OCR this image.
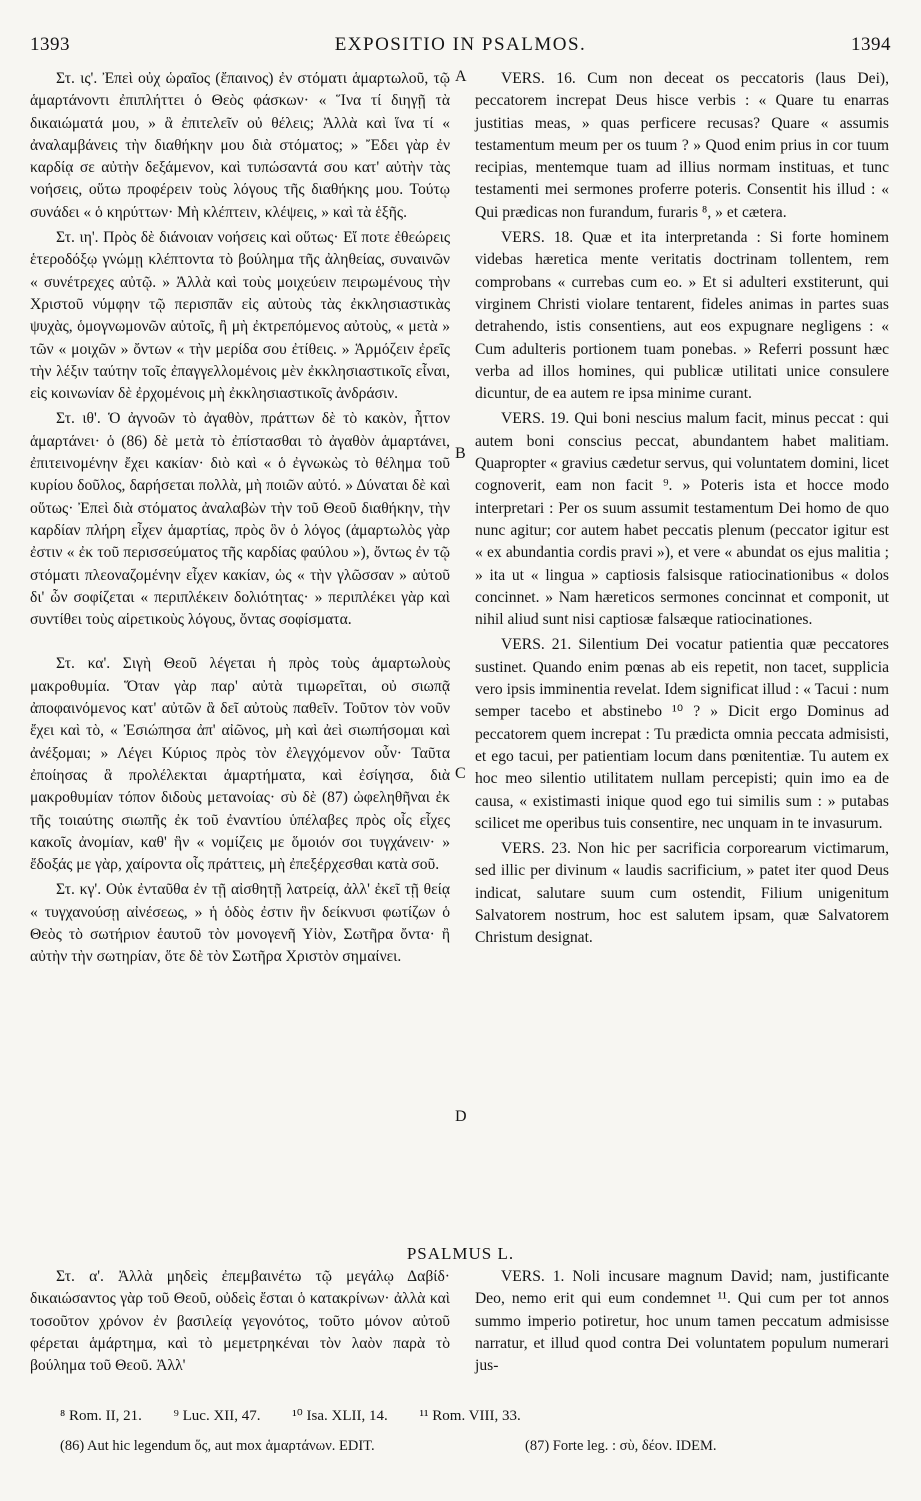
1393	EXPOSITIO IN PSALMOS.	1394

Στ. ις'. Ἐπεὶ οὐχ ὡραῖος (ἔπαινος) ἐν στόματι ἁμαρτωλοῦ, τῷ ἁμαρτάνοντι ἐπιπλήττει ὁ Θεὸς φάσκων· « Ἵνα τί διηγῇ τὰ δικαιώματά μου, » ἃ ἐπιτελεῖν οὐ θέλεις; Ἀλλὰ καὶ ἵνα τί « ἀναλαμβάνεις τὴν διαθήκην μου διὰ στόματος; » Ἔδει γὰρ ἐν καρδίᾳ σε αὐτὴν δεξάμενον, καὶ τυπώσαντά σου κατ' αὐτὴν τὰς νοήσεις, οὕτω προφέρειν τοὺς λόγους τῆς διαθήκης μου. Τούτῳ συνάδει « ὁ κηρύττων· Μὴ κλέπτειν, κλέψεις, » καὶ τὰ ἑξῆς.

Στ. ιη'. Πρὸς δὲ διάνοιαν νοήσεις καὶ οὕτως· Εἴ ποτε ἐθεώρεις ἑτεροδόξῳ γνώμῃ κλέπτοντα τὸ βούλημα τῆς ἀληθείας, συναινῶν « συνέτρεχες αὐτῷ. » Ἀλλὰ καὶ τοὺς μοιχεύειν πειρωμένους τὴν Χριστοῦ νύμφην τῷ περισπᾶν εἰς αὐτοὺς τὰς ἐκκλησιαστικὰς ψυχὰς, ὁμογνωμονῶν αὐτοῖς, ἢ μὴ ἐκτρεπόμενος αὐτοὺς, « μετὰ » τῶν « μοιχῶν » ὄντων « τὴν μερίδα σου ἐτίθεις. » Ἁρμόζειν ἐρεῖς τὴν λέξιν ταύτην τοῖς ἐπαγγελλομένοις μὲν ἐκκλησιαστικοῖς εἶναι, εἰς κοινωνίαν δὲ ἐρχομένοις μὴ ἐκκλησιαστικοῖς ἀνδράσιν.

Στ. ιθ'. Ὁ ἀγνοῶν τὸ ἀγαθὸν, πράττων δὲ τὸ κακὸν, ἧττον ἁμαρτάνει· ὁ (86) δὲ μετὰ τὸ ἐπίστασθαι τὸ ἀγαθὸν ἁμαρτάνει, ἐπιτεινομένην ἔχει κακίαν· διὸ καὶ « ὁ ἐγνωκὼς τὸ θέλημα τοῦ κυρίου δοῦλος, δαρήσεται πολλὰ, μὴ ποιῶν αὐτό. » Δύναται δὲ καὶ οὕτως· Ἐπεὶ διὰ στόματος ἀναλαβὼν τὴν τοῦ Θεοῦ διαθήκην, τὴν καρδίαν πλήρη εἶχεν ἁμαρτίας, πρὸς ὃν ὁ λόγος (ἁμαρτωλὸς γὰρ ἐστιν « ἐκ τοῦ περισσεύματος τῆς καρδίας φαύλου »), ὄντως ἐν τῷ στόματι πλεοναζομένην εἶχεν κακίαν, ὡς « τὴν γλῶσσαν » αὐτοῦ δι' ὧν σοφίζεται « περιπλέκειν δολιότητας· » περιπλέκει γὰρ καὶ συντίθει τοὺς αἱρετικοὺς λόγους, ὄντας σοφίσματα.

Στ. κα'. Σιγὴ Θεοῦ λέγεται ἡ πρὸς τοὺς ἁμαρτωλοὺς μακροθυμία. Ὅταν γὰρ παρ' αὐτὰ τιμωρεῖται, οὐ σιωπᾷ ἀποφαινόμενος κατ' αὐτῶν ἃ δεῖ αὐτοὺς παθεῖν. Τοῦτον τὸν νοῦν ἔχει καὶ τὸ, « Ἐσιώπησα ἀπ' αἰῶνος, μὴ καὶ ἀεὶ σιωπήσομαι καὶ ἀνέξομαι; » Λέγει Κύριος πρὸς τὸν ἐλεγχόμενον οὖν· Ταῦτα ἐποίησας ἃ προλέλεκται ἁμαρτήματα, καὶ ἐσίγησα, διὰ μακροθυμίαν τόπον διδοὺς μετανοίας· σὺ δὲ (87) ὠφεληθῆναι ἐκ τῆς τοιαύτης σιωπῆς ἐκ τοῦ ἐναντίου ὑπέλαβες πρὸς οἷς εἶχες κακοῖς ἀνομίαν, καθ' ἣν « νομίζεις με ὅμοιόν σοι τυγχάνειν· » ἔδοξάς με γὰρ, χαίροντα οἷς πράττεις, μὴ ἐπεξέρχεσθαι κατὰ σοῦ.

Στ. κγ'. Οὐκ ἐνταῦθα ἐν τῇ αἰσθητῇ λατρείᾳ, ἀλλ' ἐκεῖ τῇ θείᾳ « τυγχανούσῃ αἰνέσεως, » ἡ ὁδὸς ἐστιν ἣν δείκνυσι φωτίζων ὁ Θεὸς τὸ σωτήριον ἑαυτοῦ τὸν μονογενῆ Υἱὸν, Σωτῆρα ὄντα· ἢ αὐτὴν τὴν σωτηρίαν, ὅτε δὲ τὸν Σωτῆρα Χριστὸν σημαίνει.

A
B
C
D

VERS. 16. Cum non deceat os peccatoris (laus Dei), peccatorem increpat Deus hisce verbis : « Quare tu enarras justitias meas, » quas perficere recusas? Quare « assumis testamentum meum per os tuum ? » Quod enim prius in cor tuum recipias, mentemque tuam ad illius normam instituas, et tunc testamenti mei sermones proferre poteris. Consentit his illud : « Qui prædicas non furandum, furaris ⁸, » et cætera.

VERS. 18. Quæ et ita interpretanda : Si forte hominem videbas hæretica mente veritatis doctrinam tollentem, rem comprobans « currebas cum eo. » Et si adulteri exstiterunt, qui virginem Christi violare tentarent, fideles animas in partes suas detrahendo, istis consentiens, aut eos expugnare negligens : « Cum adulteris portionem tuam ponebas. » Referri possunt hæc verba ad illos homines, qui publicæ utilitati unice consulere dicuntur, de ea autem re ipsa minime curant.

VERS. 19. Qui boni nescius malum facit, minus peccat : qui autem boni conscius peccat, abundantem habet malitiam. Quapropter « gravius cædetur servus, qui voluntatem domini, licet cognoverit, eam non facit ⁹. » Poteris ista et hocce modo interpretari : Per os suum assumit testamentum Dei homo de quo nunc agitur; cor autem habet peccatis plenum (peccator igitur est « ex abundantia cordis pravi »), et vere « abundat os ejus malitia ; » ita ut « lingua » captiosis falsisque ratiocinationibus « dolos concinnet. » Nam hæreticos sermones concinnat et componit, ut nihil aliud sunt nisi captiosæ falsæque ratiocinationes.

VERS. 21. Silentium Dei vocatur patientia quæ peccatores sustinet. Quando enim pœnas ab eis repetit, non tacet, supplicia vero ipsis imminentia revelat. Idem significat illud : « Tacui : num semper tacebo et abstinebo ¹⁰ ? » Dicit ergo Dominus ad peccatorem quem increpat : Tu prædicta omnia peccata admisisti, et ego tacui, per patientiam locum dans pœnitentiæ. Tu autem ex hoc meo silentio utilitatem nullam percepisti; quin imo ea de causa, « existimasti inique quod ego tui similis sum : » putabas scilicet me operibus tuis consentire, nec unquam in te invasurum.

VERS. 23. Non hic per sacrificia corporearum victimarum, sed illic per divinum « laudis sacrificium, » patet iter quod Deus indicat, salutare suum cum ostendit, Filium unigenitum Salvatorem nostrum, hoc est salutem ipsam, quæ Salvatorem Christum designat.

PSALMUS L.

Στ. α'. Ἀλλὰ μηδεὶς ἐπεμβαινέτω τῷ μεγάλῳ Δαβίδ· δικαιώσαντος γὰρ τοῦ Θεοῦ, οὐδεὶς ἔσται ὁ κατακρίνων· ἀλλὰ καὶ τοσοῦτον χρόνον ἐν βασιλείᾳ γεγονότος, τοῦτο μόνον αὐτοῦ φέρεται ἁμάρτημα, καὶ τὸ μεμετρηκέναι τὸν λαὸν παρὰ τὸ βούλημα τοῦ Θεοῦ. Ἀλλ'

VERS. 1. Noli incusare magnum David; nam, justificante Deo, nemo erit qui eum condemnet ¹¹. Qui cum per tot annos summo imperio potiretur, hoc unum tamen peccatum admisisse narratur, et illud quod contra Dei voluntatem populum numerari jus-

⁸ Rom. II, 21. ⁹ Luc. XII, 47. ¹⁰ Isa. XLII, 14. ¹¹ Rom. VIII, 33.
(86) Aut hic legendum ὅς, aut mox ἁμαρτάνων. EDIT.	(87) Forte leg. : σὺ, δέον. IDEM.
